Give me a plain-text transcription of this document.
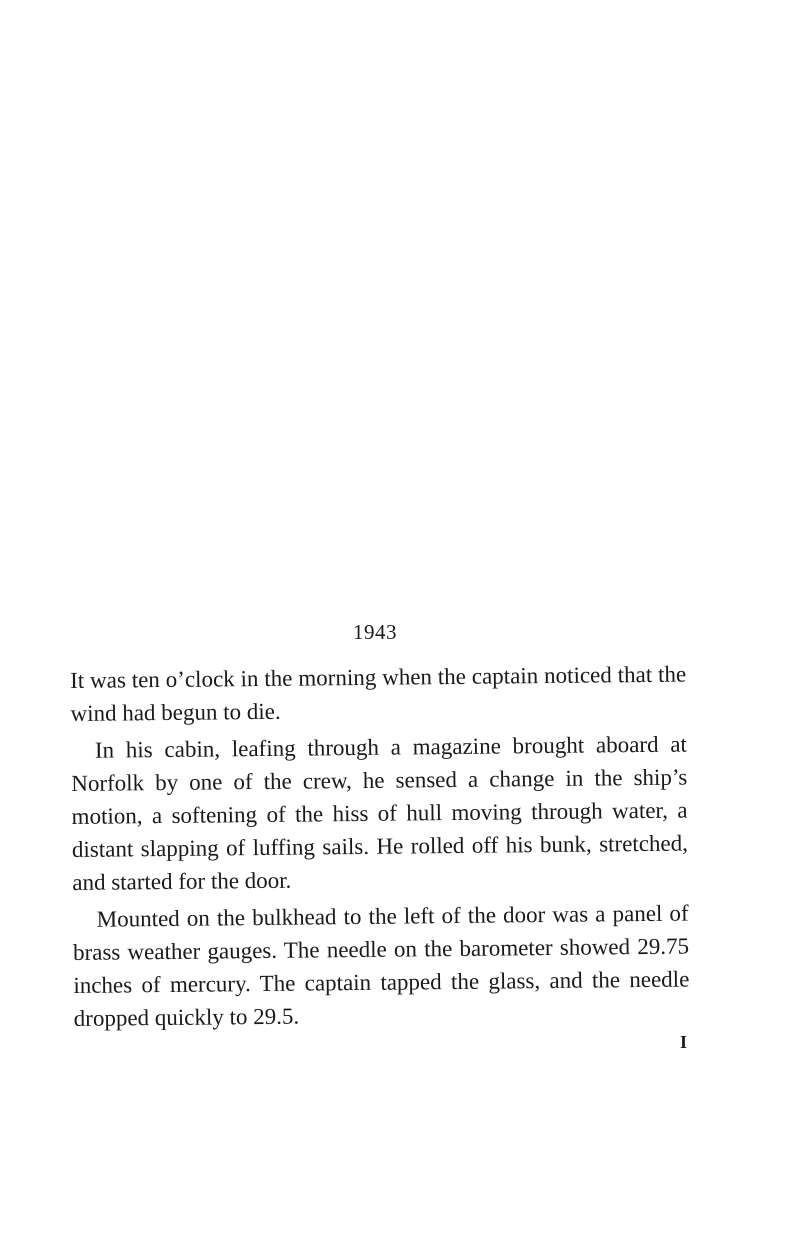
1943

It was ten o’clock in the morning when the captain noticed that the wind had begun to die.

In his cabin, leafing through a magazine brought aboard at Norfolk by one of the crew, he sensed a change in the ship’s motion, a softening of the hiss of hull moving through water, a distant slapping of luffing sails. He rolled off his bunk, stretched, and started for the door.

Mounted on the bulkhead to the left of the door was a panel of brass weather gauges. The needle on the barometer showed 29.75 inches of mercury. The captain tapped the glass, and the needle dropped quickly to 29.5.

I
